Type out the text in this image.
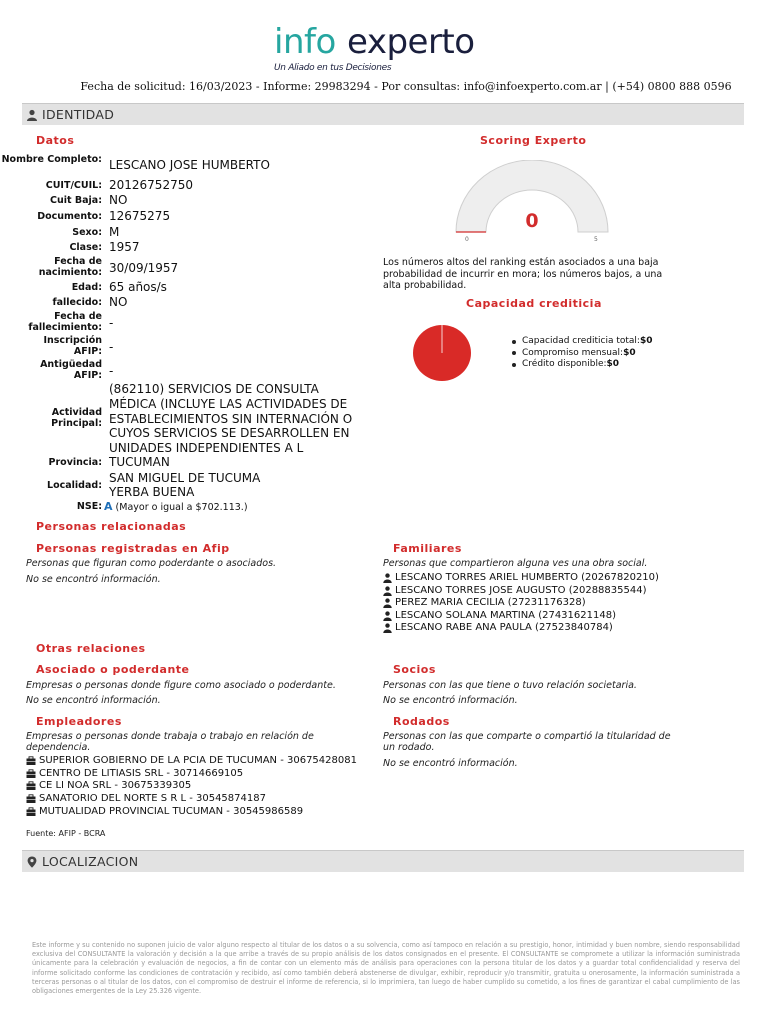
info experto
Un Aliado en tus Decisiones
Fecha de solicitud: 16/03/2023 - Informe: 29983294 - Por consultas: info@infoexperto.com.ar | (+54) 0800 888 0596
IDENTIDAD
Datos
Nombre Completo: LESCANO JOSE HUMBERTO
CUIT/CUIL: 20126752750
Cuit Baja: NO
Documento: 12675275
Sexo: M
Clase: 1957
Fecha de nacimiento: 30/09/1957
Edad: 65 años/s
fallecido: NO
Fecha de fallecimiento: -
Inscripción AFIP: -
Antigüedad AFIP: -
Actividad Principal:
(862110) SERVICIOS DE CONSULTA MÉDICA (INCLUYE LAS ACTIVIDADES DE ESTABLECIMIENTOS SIN INTERNACIÓN O CUYOS SERVICIOS SE DESARROLLEN EN UNIDADES INDEPENDIENTES A L
Provincia: TUCUMAN
Localidad:
SAN MIGUEL DE TUCUMA YERBA BUENA
NSE: A (Mayor o igual a $702.113.)
Scoring Experto
0
0	5
Los números altos del ranking están asociados a una baja probabilidad de incurrir en mora; los números bajos, a una alta probabilidad.
Capacidad crediticia
Capacidad crediticia total: $0
Compromiso mensual: $0
Crédito disponible: $0
Personas relacionadas
Personas registradas en Afip
Personas que figuran como poderdante o asociados.
No se encontró información.
Familiares
Personas que compartieron alguna ves una obra social.
LESCANO TORRES ARIEL HUMBERTO (20267820210)
LESCANO TORRES JOSE AUGUSTO (20288835544)
PEREZ MARIA CECILIA (27231176328)
LESCANO SOLANA MARTINA (27431621148)
LESCANO RABE ANA PAULA (27523840784)
Otras relaciones
Asociado o poderdante
Empresas o personas donde figure como asociado o poderdante.
No se encontró información.
Socios
Personas con las que tiene o tuvo relación societaria.
No se encontró información.
Empleadores
Empresas o personas donde trabaja o trabajo en relación de dependencia.
SUPERIOR GOBIERNO DE LA PCIA DE TUCUMAN - 30675428081
CENTRO DE LITIASIS SRL - 30714669105
CE LI NOA SRL - 30675339305
SANATORIO DEL NORTE S R L - 30545874187
MUTUALIDAD PROVINCIAL TUCUMAN - 30545986589
Rodados
Personas con las que comparte o compartió la titularidad de un rodado.
No se encontró información.
Fuente: AFIP - BCRA
LOCALIZACION
Este informe y su contenido no suponen juicio de valor alguno respecto al titular de los datos o a su solvencia, como así tampoco en relación a su prestigio, honor, intimidad y buen nombre, siendo responsabilidad exclusiva del CONSULTANTE la valoración y decisión a la que arribe a través de su propio análisis de los datos consignados en el presente. El CONSULTANTE se compromete a utilizar la información suministrada únicamente para la celebración y evaluación de negocios, a fin de contar con un elemento más de análisis para operaciones con la persona titular de los datos y a guardar total confidencialidad y reserva del informe solicitado conforme las condiciones de contratación y recibido, así como también deberá abstenerse de divulgar, exhibir, reproducir y/o transmitir, gratuita u onerosamente, la información suministrada a terceras personas o al titular de los datos, con el compromiso de destruir el informe de referencia, si lo imprimiera, tan luego de haber cumplido su cometido, a los fines de garantizar el cabal cumplimiento de las obligaciones emergentes de la Ley 25.326 vigente.
